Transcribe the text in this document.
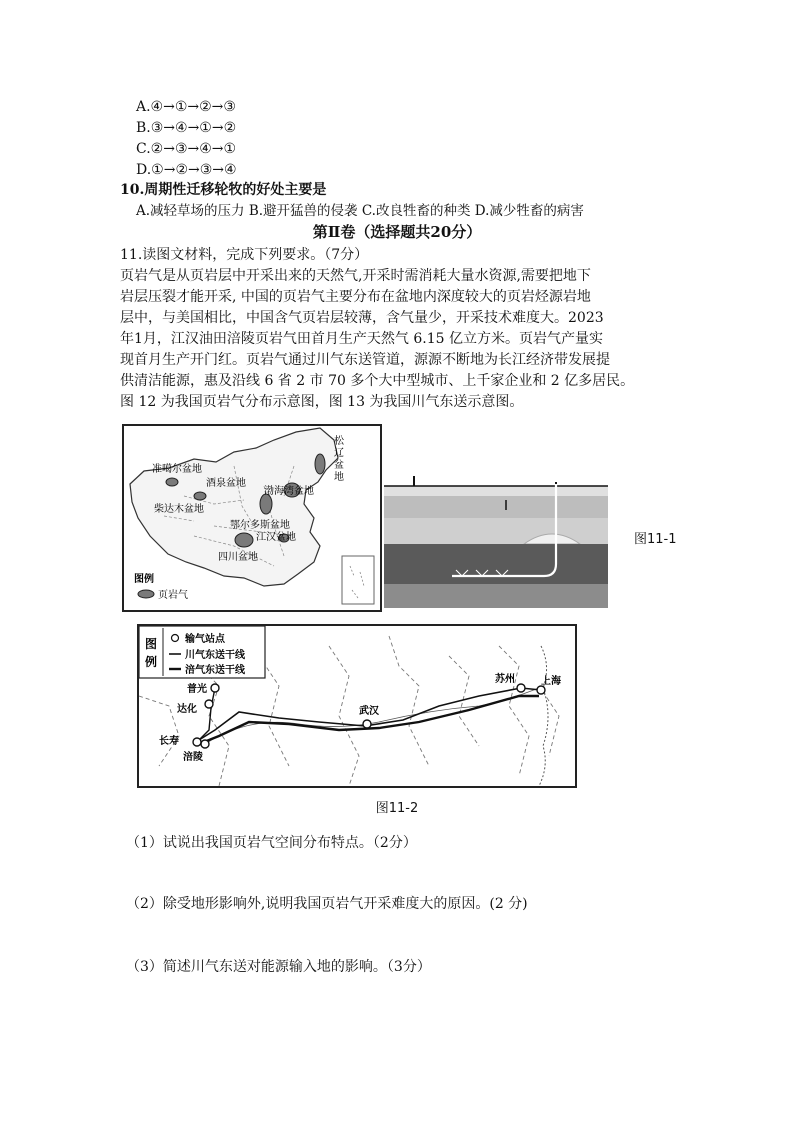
A.④→①→②→③
B.③→④→①→②
C.②→③→④→①
D.①→②→③→④
10.周期性迁移轮牧的好处主要是
A.减轻草场的压力 B.避开猛兽的侵袭 C.改良牲畜的种类 D.减少牲畜的病害
第Ⅱ卷（选择题共20分）
11.读图文材料，完成下列要求。（7分）
页岩气是从页岩层中开采出来的天然气,开采时需消耗大量水资源,需要把地下
岩层压裂才能开采, 中国的页岩气主要分布在盆地内深度较大的页岩烃源岩地
层中，与美国相比，中国含气页岩层较薄，含气量少，开采技术难度大。2023
年1月，江汉油田涪陵页岩气田首月生产天然气 6.15 亿立方米。页岩气产量实
现首月生产开门红。页岩气通过川气东送管道，源源不断地为长江经济带发展提
供清洁能源，惠及沿线 6 省 2 市 70 多个大中型城市、上千家企业和 2 亿多居民。
图 12 为我国页岩气分布示意图，图 13 为我国川气东送示意图。
准噶尔盆地
酒泉盆地
柴达木盆地
渤海湾盆地
鄂尔多斯盆地
江汉盆地
四川盆地
松
辽
盆
地
图例
页岩气
图11-1
图
例
输气站点
川气东送干线
涪气东送干线
普光
达化
长寿
涪陵
武汉
苏州	上海
图11-2
（1）试说出我国页岩气空间分布特点。（2分）
（2）除受地形影响外,说明我国页岩气开采难度大的原因。(2 分)
（3）简述川气东送对能源输入地的影响。（3分）
